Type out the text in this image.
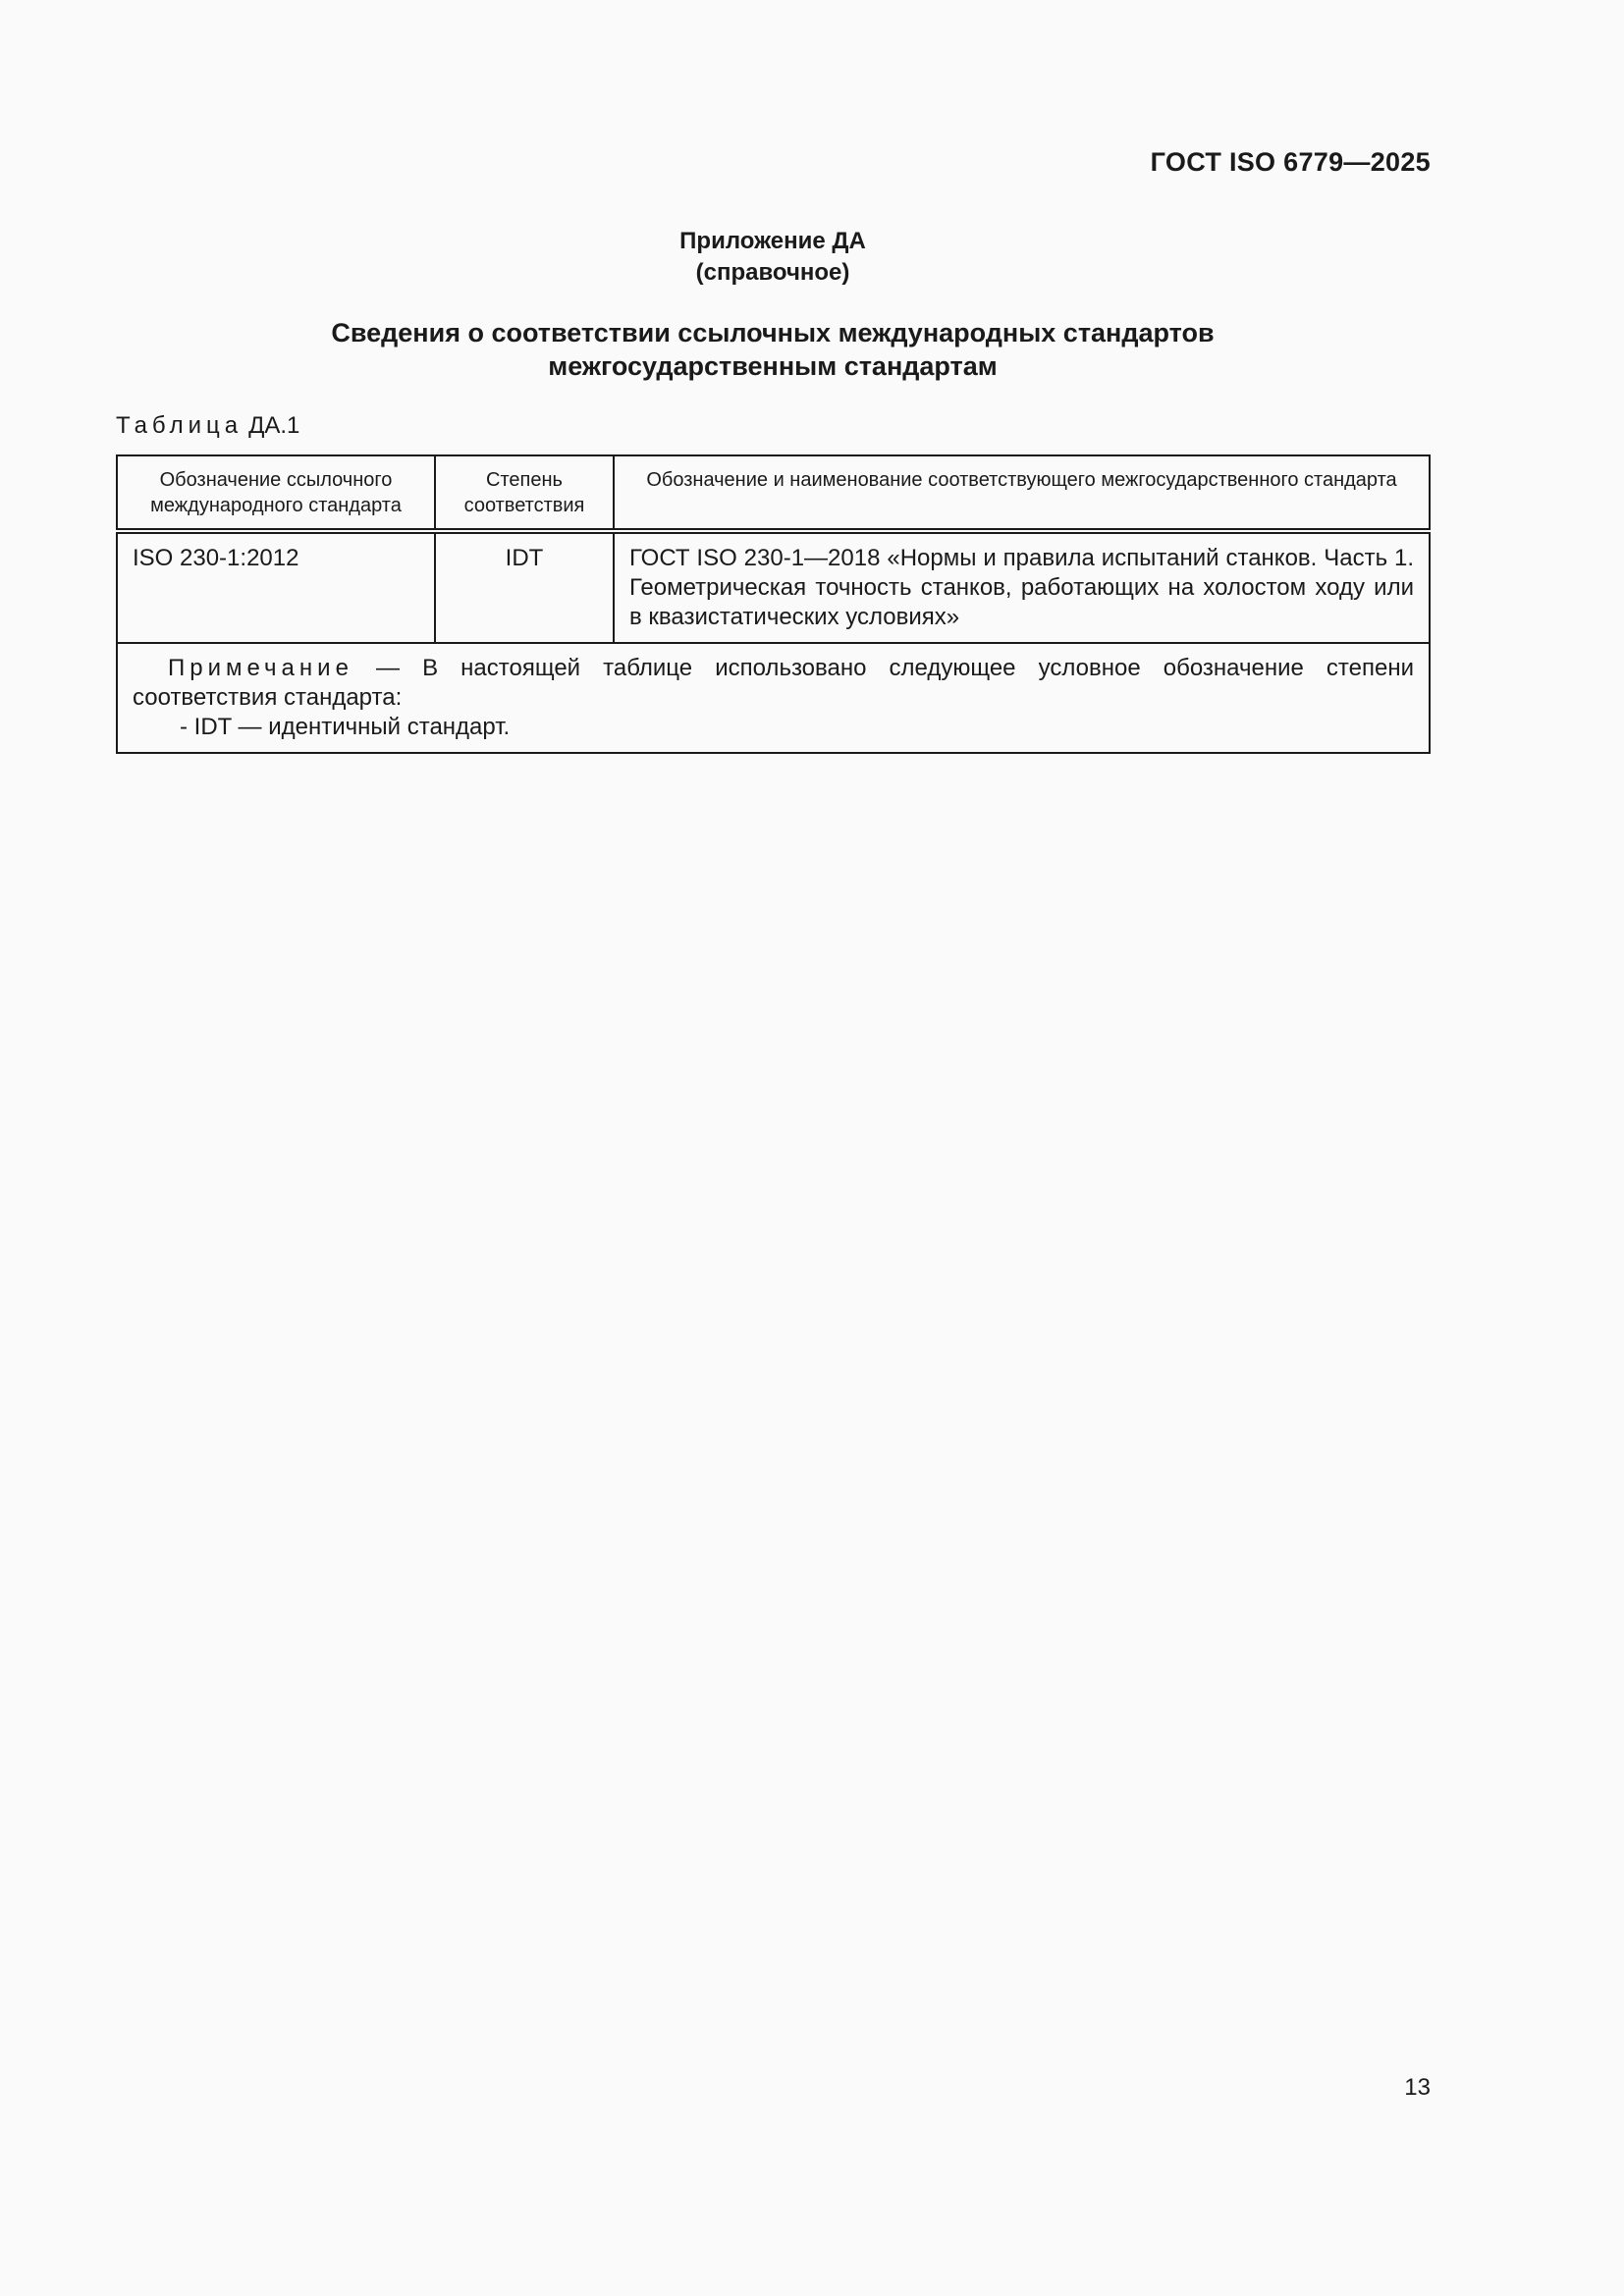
ГОСТ ISO 6779—2025
Приложение ДА
(справочное)
Сведения о соответствии ссылочных международных стандартов
межгосударственным стандартам
Таблица ДА.1
Обозначение ссылочного международного стандарта	Степень соответствия	Обозначение и наименование соответствующего межгосударственного стандарта
ISO 230-1:2012	IDT	ГОСТ ISO 230-1—2018 «Нормы и правила испытаний станков. Часть 1. Геометрическая точность станков, работающих на холостом ходу или в квазистатических условиях»

Примечание — В настоящей таблице использовано следующее условное обозначение степени соответствия стандарта:
- IDT — идентичный стандарт.		
13
